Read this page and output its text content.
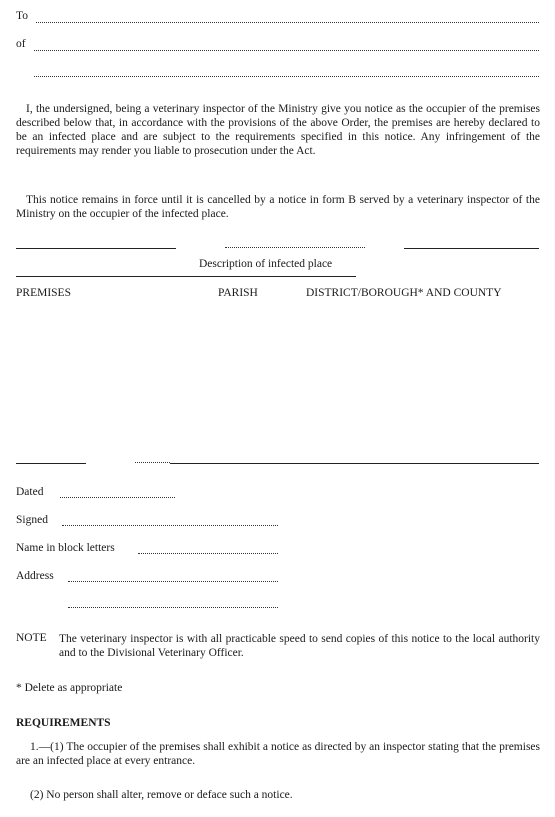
To
of
I, the undersigned, being a veterinary inspector of the Ministry give you notice as the occupier of the premises described below that, in accordance with the provisions of the above Order, the premises are hereby declared to be an infected place and are subject to the requirements specified in this notice. Any infringement of the requirements may render you liable to prosecution under the Act.
This notice remains in force until it is cancelled by a notice in form B served by a veterinary inspector of the Ministry on the occupier of the infected place.
Description of infected place
PREMISES	PARISH	DISTRICT/BOROUGH* AND COUNTY
Dated
Signed
Name in block letters
Address
NOTE The veterinary inspector is with all practicable speed to send copies of this notice to the local authority and to the Divisional Veterinary Officer.
* Delete as appropriate
REQUIREMENTS
1.—(1) The occupier of the premises shall exhibit a notice as directed by an inspector stating that the premises are an infected place at every entrance.
(2) No person shall alter, remove or deface such a notice.
